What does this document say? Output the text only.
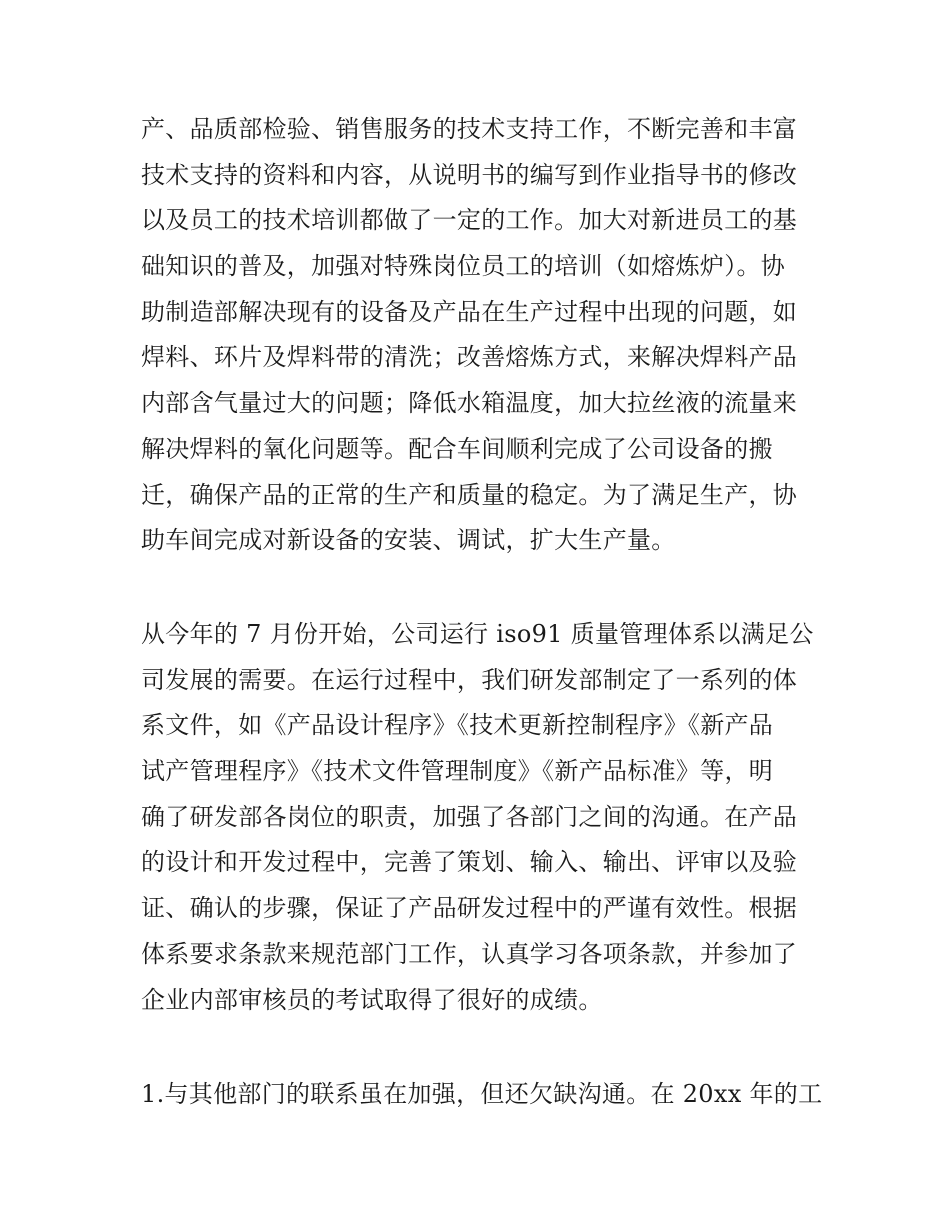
产、品质部检验、销售服务的技术支持工作，不断完善和丰富
技术支持的资料和内容，从说明书的编写到作业指导书的修改
以及员工的技术培训都做了一定的工作。加大对新进员工的基
础知识的普及，加强对特殊岗位员工的培训（如熔炼炉）。协
助制造部解决现有的设备及产品在生产过程中出现的问题，如
焊料、环片及焊料带的清洗；改善熔炼方式，来解决焊料产品
内部含气量过大的问题；降低水箱温度，加大拉丝液的流量来
解决焊料的氧化问题等。配合车间顺利完成了公司设备的搬
迁，确保产品的正常的生产和质量的稳定。为了满足生产，协
助车间完成对新设备的安装、调试，扩大生产量。
从今年的 7 月份开始，公司运行 iso91 质量管理体系以满足公
司发展的需要。在运行过程中，我们研发部制定了一系列的体
系文件，如《产品设计程序》《技术更新控制程序》《新产品
试产管理程序》《技术文件管理制度》《新产品标准》等，明
确了研发部各岗位的职责，加强了各部门之间的沟通。在产品
的设计和开发过程中，完善了策划、输入、输出、评审以及验
证、确认的步骤，保证了产品研发过程中的严谨有效性。根据
体系要求条款来规范部门工作，认真学习各项条款，并参加了
企业内部审核员的考试取得了很好的成绩。
1.与其他部门的联系虽在加强，但还欠缺沟通。在 20xx 年的工
